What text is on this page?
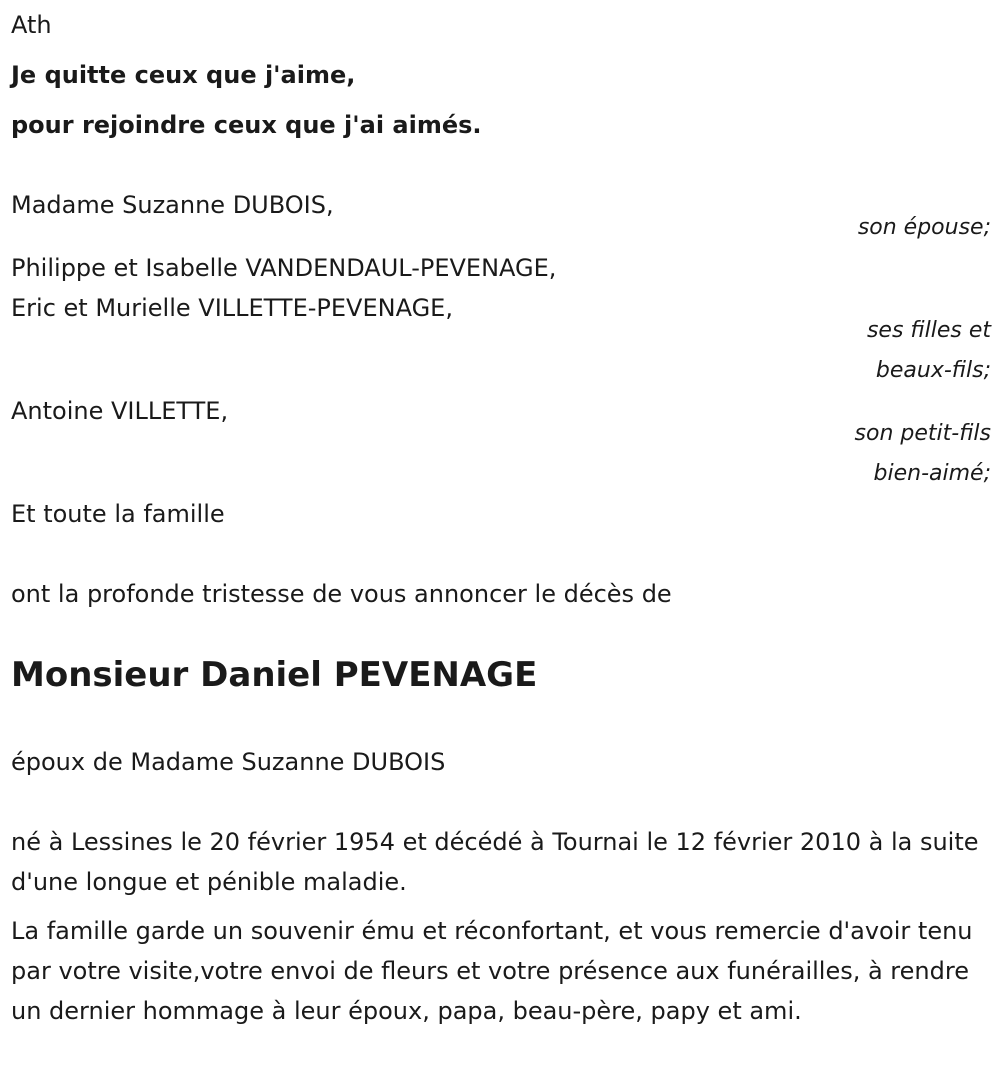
Ath
Je quitte ceux que j'aime,
pour rejoindre ceux que j'ai aimés.
Madame Suzanne DUBOIS,
son épouse;
Philippe et Isabelle VANDENDAUL-PEVENAGE,
Eric et Murielle VILLETTE-PEVENAGE,
ses filles et
beaux-fils;
Antoine VILLETTE,
son petit-fils
bien-aimé;
Et toute la famille
ont la profonde tristesse de vous annoncer le décès de
Monsieur Daniel PEVENAGE
époux de Madame Suzanne DUBOIS
né à Lessines le 20 février 1954 et décédé à Tournai le 12 février 2010 à la suite d'une longue et pénible maladie.
La famille garde un souvenir ému et réconfortant, et vous remercie d'avoir tenu par votre visite,votre envoi de fleurs et votre présence aux funérailles, à rendre un dernier hommage à leur époux, papa, beau-père, papy et ami.
